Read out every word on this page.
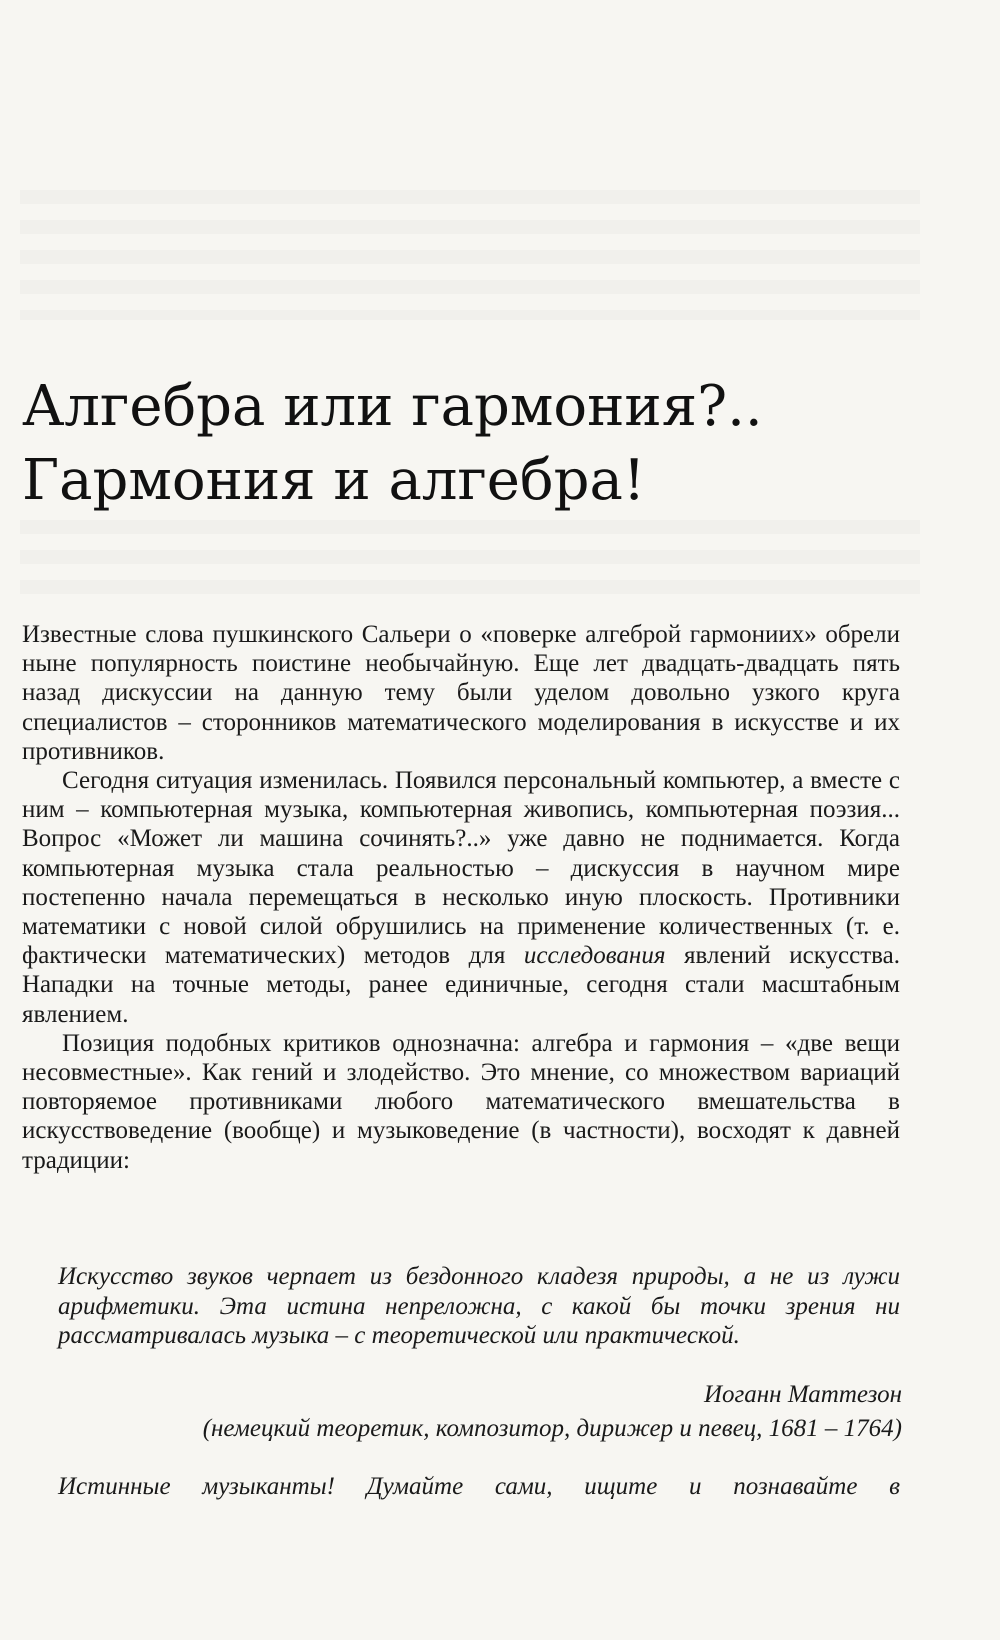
Алгебра или гармония?..
Гармония и алгебра!

Известные слова пушкинского Сальери о «поверке алгеброй гармониих» обрели ныне популярность поистине необычайную. Еще лет двадцать-двадцать пять назад дискуссии на данную тему были уделом довольно узкого круга специалистов – сторонников математического моделирования в искусстве и их противников.

Сегодня ситуация изменилась. Появился персональный компьютер, а вместе с ним – компьютерная музыка, компьютерная живопись, компьютерная поэзия... Вопрос «Может ли машина сочинять?..» уже давно не поднимается. Когда компьютерная музыка стала реальностью – дискуссия в научном мире постепенно начала перемещаться в несколько иную плоскость. Противники математики с новой силой обрушились на применение количественных (т. е. фактически математических) методов для исследования явлений искусства. Нападки на точные методы, ранее единичные, сегодня стали масштабным явлением.

Позиция подобных критиков однозначна: алгебра и гармония – «две вещи несовместные». Как гений и злодейство. Это мнение, со множеством вариаций повторяемое противниками любого математического вмешательства в искусствоведение (вообще) и музыковедение (в частности), восходят к давней традиции:

Искусство звуков черпает из бездонного кладезя природы, а не из лужи арифметики. Эта истина непреложна, с какой бы точки зрения ни рассматривалась музыка – с теоретической или практической.
Иоганн Маттезон
(немецкий теоретик, композитор, дирижер и певец, 1681 – 1764)
Истинные музыканты! Думайте сами, ищите и познавайте в
